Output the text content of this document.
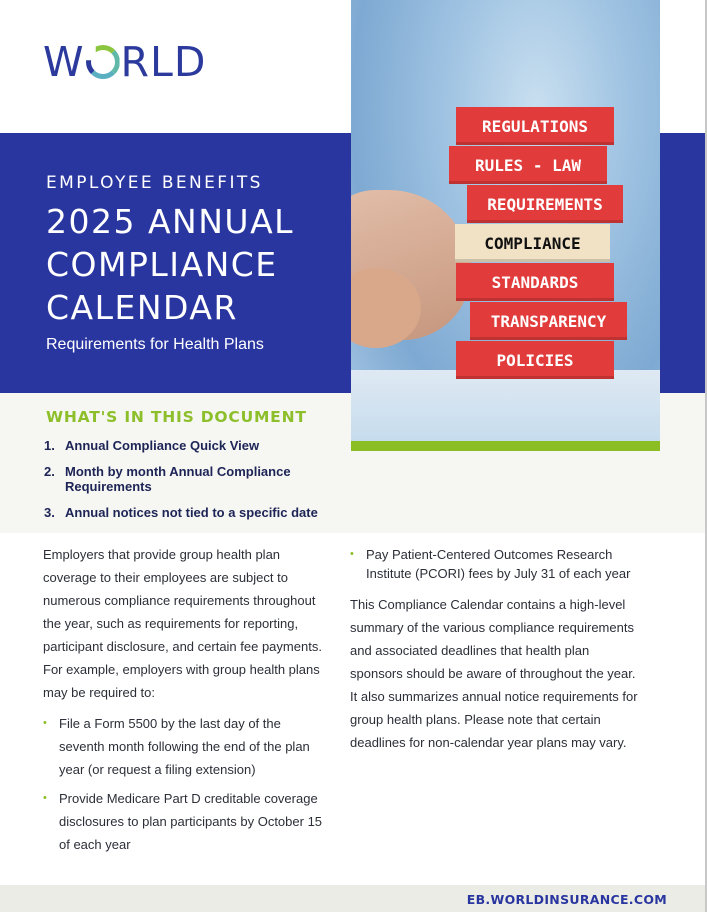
W RLD
EMPLOYEE BENEFITS
2025 ANNUAL
COMPLIANCE
CALENDAR
Requirements for Health Plans
REGULATIONS
RULES - LAW
REQUIREMENTS
COMPLIANCE
STANDARDS
TRANSPARENCY
POLICIES
WHAT'S IN THIS DOCUMENT
1. Annual Compliance Quick View
2. Month by month Annual Compliance Requirements
3. Annual notices not tied to a specific date

Employers that provide group health plan coverage to their employees are subject to numerous compliance requirements throughout the year, such as requirements for reporting, participant disclosure, and certain fee payments. For example, employers with group health plans may be required to:

• File a Form 5500 by the last day of the seventh month following the end of the plan year (or request a filing extension)
• Provide Medicare Part D creditable coverage disclosures to plan participants by October 15 of each year
• Pay Patient-Centered Outcomes Research Institute (PCORI) fees by July 31 of each year

This Compliance Calendar contains a high-level summary of the various compliance requirements and associated deadlines that health plan sponsors should be aware of throughout the year. It also summarizes annual notice requirements for group health plans. Please note that certain deadlines for non-calendar year plans may vary.

EB.WORLDINSURANCE.COM
